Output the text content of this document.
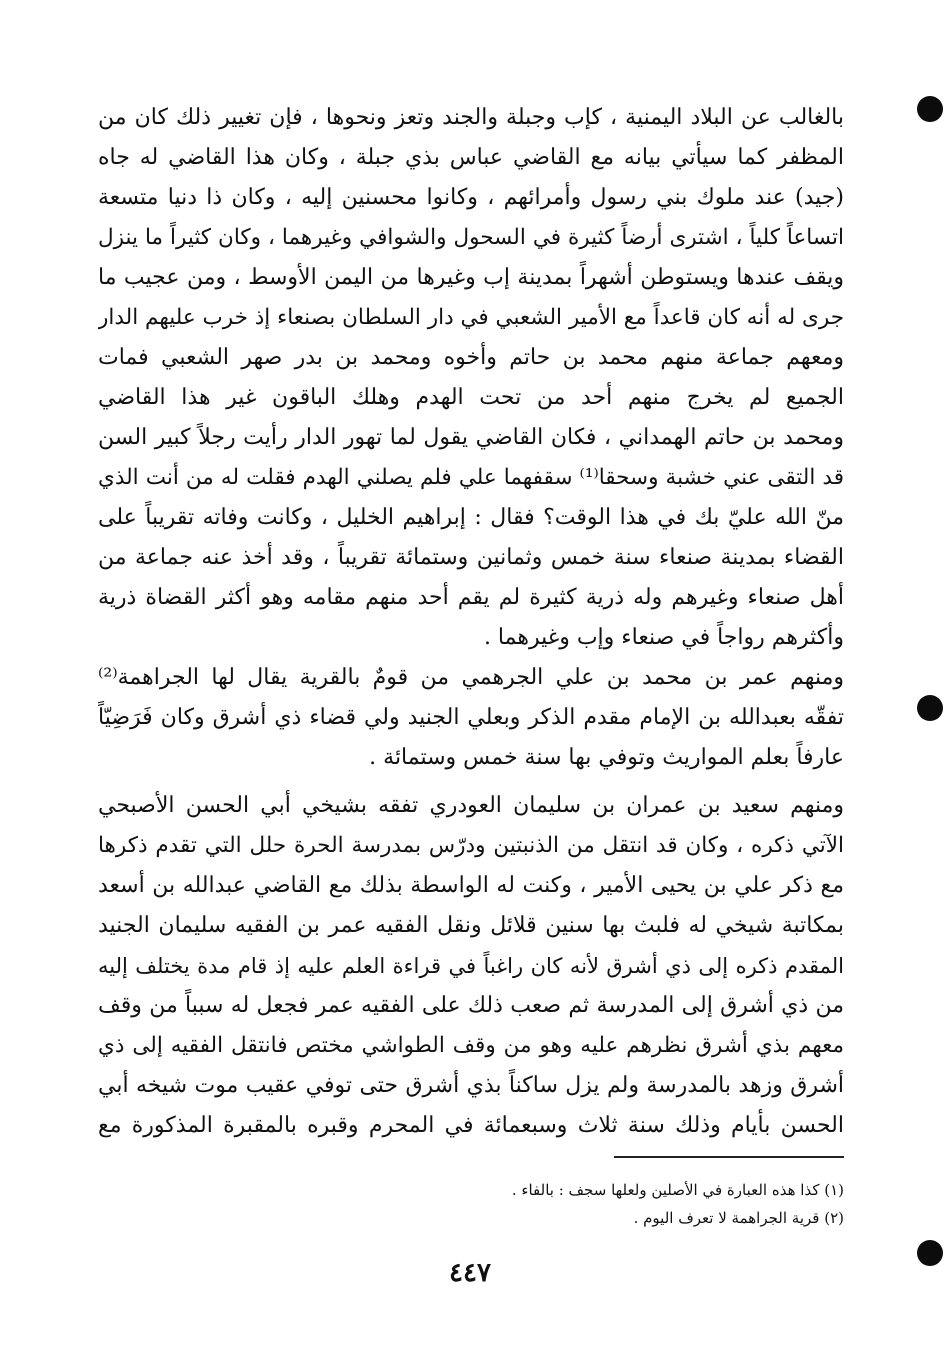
بالغالب عن البلاد اليمنية ، كإب وجبلة والجند وتعز ونحوها ، فإن تغيير ذلك كان من
المظفر كما سيأتي بيانه مع القاضي عباس بذي جبلة ، وكان هذا القاضي له جاه
(جيد) عند ملوك بني رسول وأمرائهم ، وكانوا محسنين إليه ، وكان ذا دنيا متسعة
اتساعاً كلياً ، اشترى أرضاً كثيرة في السحول والشوافي وغيرهما ، وكان كثيراً ما ينزل
ويقف عندها ويستوطن أشهراً بمدينة إب وغيرها من اليمن الأوسط ، ومن عجيب ما
جرى له أنه كان قاعداً مع الأمير الشعبي في دار السلطان بصنعاء إذ خرب عليهم الدار
ومعهم جماعة منهم محمد بن حاتم وأخوه ومحمد بن بدر صهر الشعبي فمات
الجميع لم يخرج منهم أحد من تحت الهدم وهلك الباقون غير هذا القاضي
ومحمد بن حاتم الهمداني ، فكان القاضي يقول لما تهور الدار رأيت رجلاً كبير السن
قد التقى عني خشبة وسحقا⁽¹⁾ سقفهما علي فلم يصلني الهدم فقلت له من أنت الذي
منّ الله عليّ بك في هذا الوقت؟ فقال : إبراهيم الخليل ، وكانت وفاته تقريباً على
القضاء بمدينة صنعاء سنة خمس وثمانين وستمائة تقريباً ، وقد أخذ عنه جماعة من
أهل صنعاء وغيرهم وله ذرية كثيرة لم يقم أحد منهم مقامه وهو أكثر القضاة ذرية
وأكثرهم رواجاً في صنعاء وإب وغيرهما .
ومنهم عمر بن محمد بن علي الجرهمي من قومٌ بالقرية يقال لها الجراهمة⁽²⁾
تفقّه بعبدالله بن الإمام مقدم الذكر وبعلي الجنيد ولي قضاء ذي أشرق وكان فَرَضِيّاً
عارفاً بعلم المواريث وتوفي بها سنة خمس وستمائة .
ومنهم سعيد بن عمران بن سليمان العودري تفقه بشيخي أبي الحسن الأصبحي
الآتي ذكره ، وكان قد انتقل من الذنبتين ودرّس بمدرسة الحرة حلل التي تقدم ذكرها
مع ذكر علي بن يحيى الأمير ، وكنت له الواسطة بذلك مع القاضي عبدالله بن أسعد
بمكاتبة شيخي له فلبث بها سنين قلائل ونقل الفقيه عمر بن الفقيه سليمان الجنيد
المقدم ذكره إلى ذي أشرق لأنه كان راغباً في قراءة العلم عليه إذ قام مدة يختلف إليه
من ذي أشرق إلى المدرسة ثم صعب ذلك على الفقيه عمر فجعل له سبباً من وقف
معهم بذي أشرق نظرهم عليه وهو من وقف الطواشي مختص فانتقل الفقيه إلى ذي
أشرق وزهد بالمدرسة ولم يزل ساكناً بذي أشرق حتى توفي عقيب موت شيخه أبي
الحسن بأيام وذلك سنة ثلاث وسبعمائة في المحرم وقبره بالمقبرة المذكورة مع
(١) كذا هذه العبارة في الأصلين ولعلها سجف : بالفاء .
(٢) قرية الجراهمة لا تعرف اليوم .
٤٤٧
